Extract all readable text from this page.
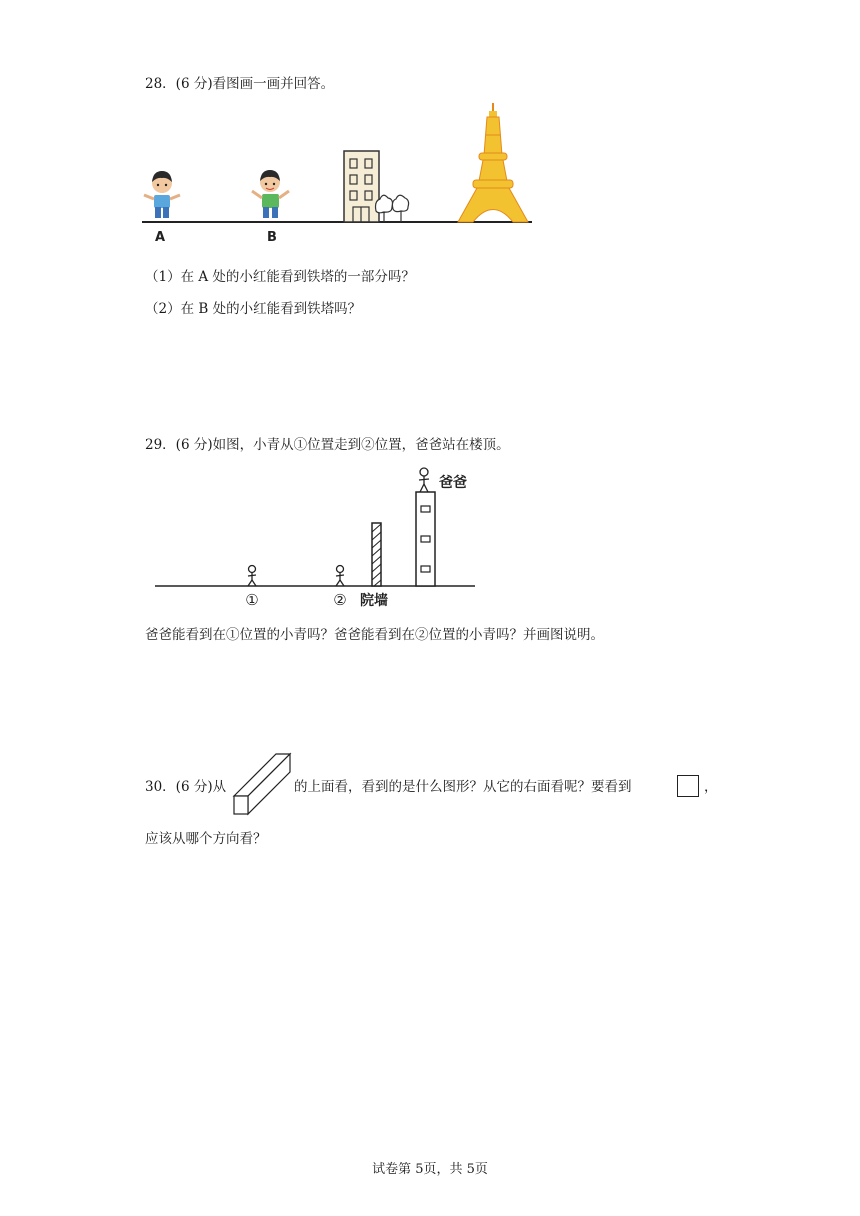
28．(6 分)看图画一画并回答。
A	B
（1）在 A 处的小红能看到铁塔的一部分吗？
（2）在 B 处的小红能看到铁塔吗？
29．(6 分)如图，小青从①位置走到②位置，爸爸站在楼顶。
爸爸
①	② 院墙
爸爸能看到在①位置的小青吗？爸爸能看到在②位置的小青吗？并画图说明。
30．(6 分)从	的上面看，看到的是什么图形？从它的右面看呢？要看到	，
应该从哪个方向看？
试卷第 5页，共 5页
